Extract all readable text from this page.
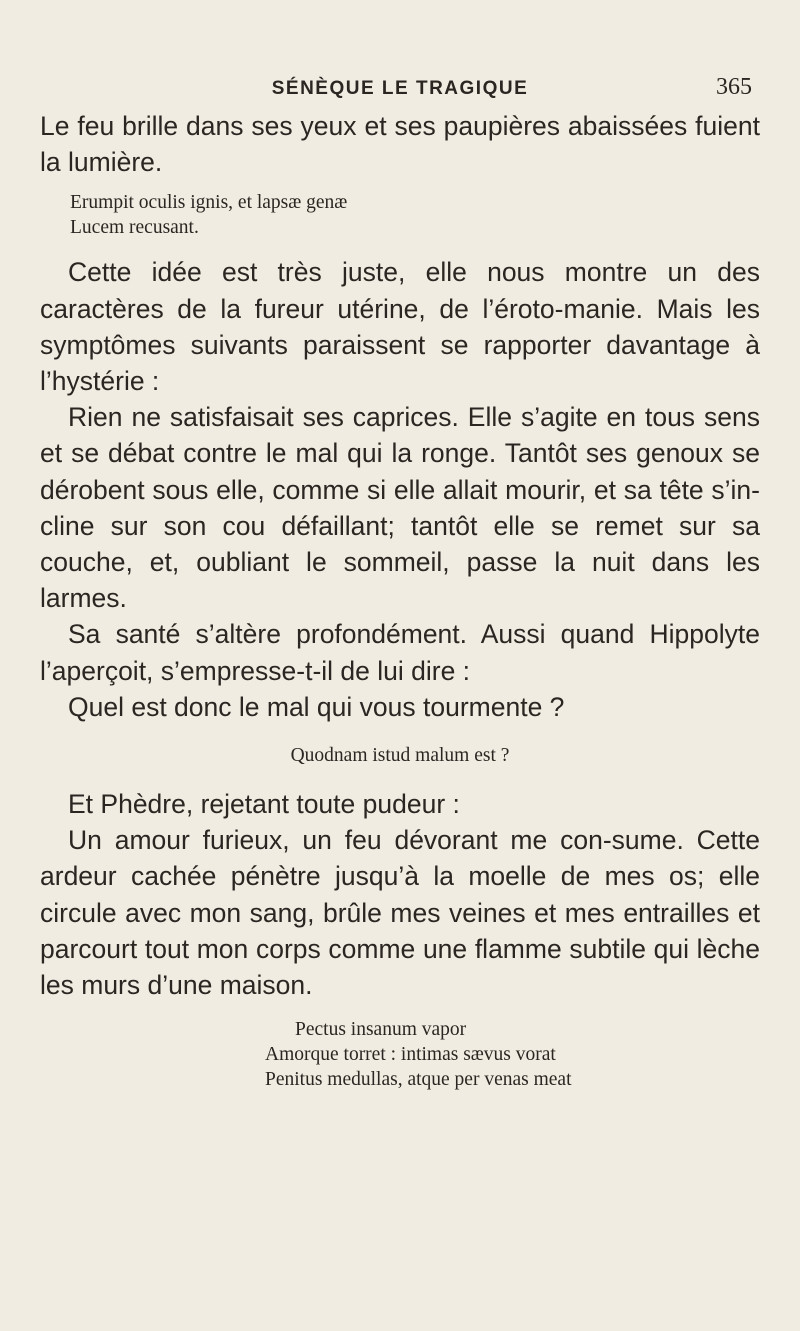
SÉNÈQUE LE TRAGIQUE	365

Le feu brille dans ses yeux et ses paupières abaissées fuient la lumière.

Erumpit oculis ignis, et lapsæ genæ
Lucem recusant.

Cette idée est très juste, elle nous montre un des caractères de la fureur utérine, de l’éroto-manie. Mais les symptômes suivants paraissent se rapporter davantage à l’hystérie :

Rien ne satisfaisait ses caprices. Elle s’agite en tous sens et se débat contre le mal qui la ronge. Tantôt ses genoux se dérobent sous elle, comme si elle allait mourir, et sa tête s’in-cline sur son cou défaillant; tantôt elle se remet sur sa couche, et, oubliant le sommeil, passe la nuit dans les larmes.

Sa santé s’altère profondément. Aussi quand Hippolyte l’aperçoit, s’empresse-t-il de lui dire :

Quel est donc le mal qui vous tourmente ?

Quodnam istud malum est ?

Et Phèdre, rejetant toute pudeur :

Un amour furieux, un feu dévorant me con-sume. Cette ardeur cachée pénètre jusqu’à la moelle de mes os; elle circule avec mon sang, brûle mes veines et mes entrailles et parcourt tout mon corps comme une flamme subtile qui lèche les murs d’une maison.

Pectus insanum vapor
Amorque torret : intimas sævus vorat
Penitus medullas, atque per venas meat
